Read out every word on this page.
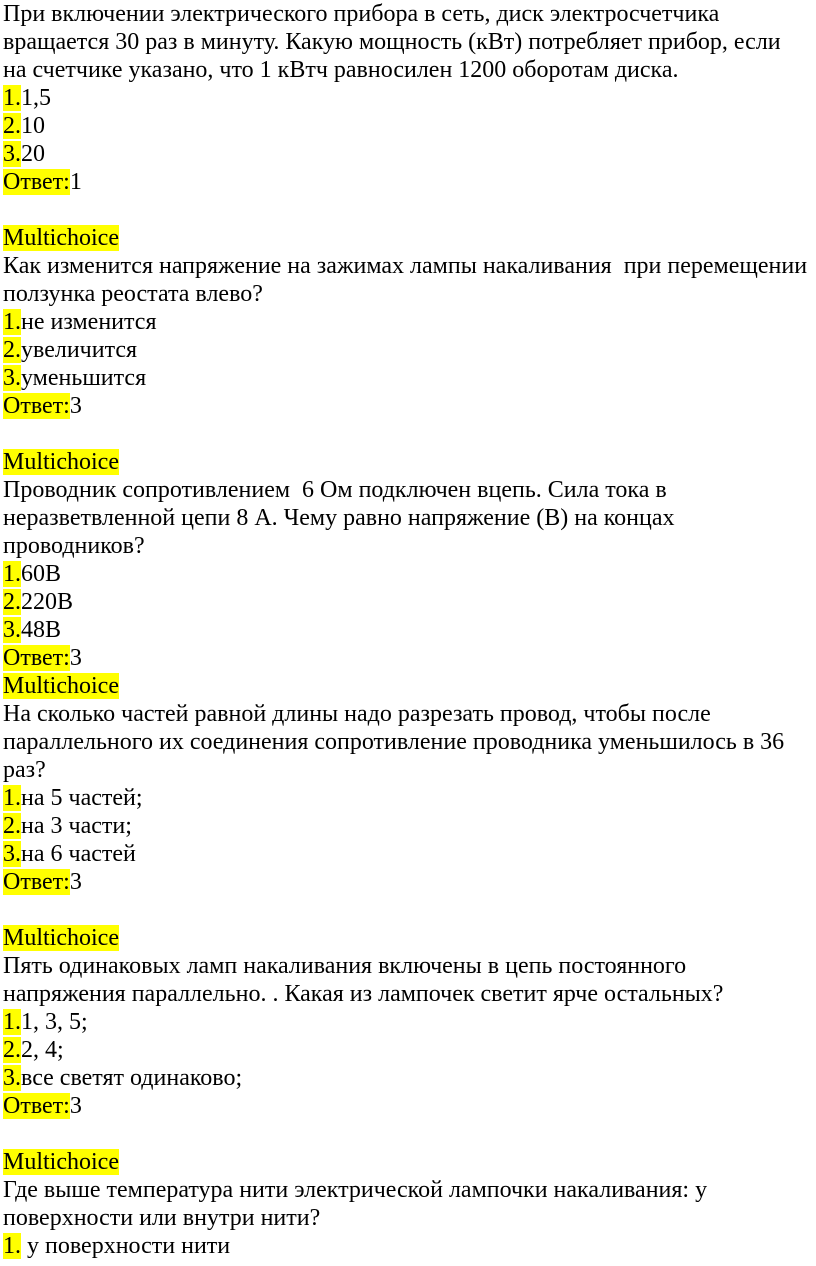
При включении электрического прибора в сеть, диск электросчетчика вращается 30 раз в минуту. Какую мощность (кВт) потребляет прибор, если на счетчике указано, что 1 кВтч равносилен 1200 оборотам диска.
1.1,5
2.10
3.20
Ответ:1
Multichoice
Как изменится напряжение на зажимах лампы накаливания  при перемещении ползунка реостата влево?
1.не изменится
2.увеличится
3.уменьшится
Ответ:3
Multichoice
Проводник сопротивлением  6 Ом подключен вцепь. Сила тока в неразветвленной цепи 8 А. Чему равно напряжение (В) на концах проводников?
1.60В
2.220В
3.48В
Ответ:3
Multichoice
На сколько частей равной длины надо разрезать провод, чтобы после параллельного их соединения сопротивление проводника уменьшилось в 36 раз?
1.на 5 частей;
2.на 3 части;
3.на 6 частей
Ответ:3
Multichoice
Пять одинаковых ламп накаливания включены в цепь постоянного напряжения параллельно. . Какая из лампочек светит ярче остальных?
1.1, 3, 5;
2.2, 4;
3.все светят одинаково;
Ответ:3
Multichoice
Где выше температура нити электрической лампочки накаливания: у поверхности или внутри нити?
1. у поверхности нити
